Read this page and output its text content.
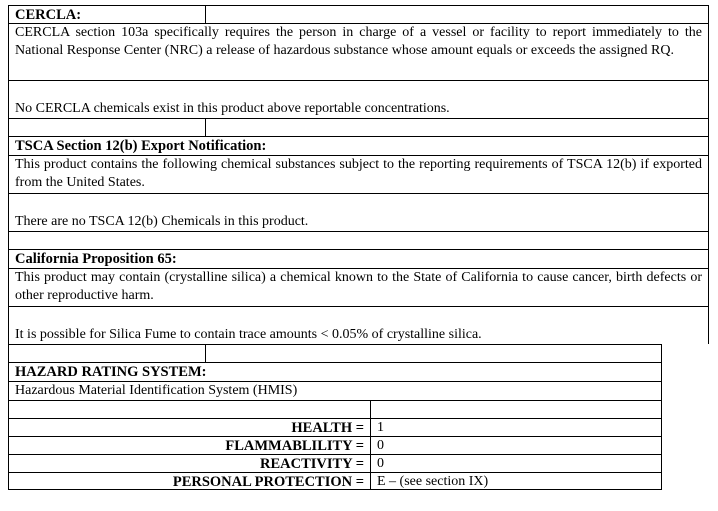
CERCLA:
CERCLA section 103a specifically requires the person in charge of a vessel or facility to report immediately to the National Response Center (NRC) a release of hazardous substance whose amount equals or exceeds the assigned RQ.
No CERCLA chemicals exist in this product above reportable concentrations.
TSCA Section 12(b) Export Notification:
This product contains the following chemical substances subject to the reporting requirements of TSCA 12(b) if exported from the United States.
There are no TSCA 12(b) Chemicals in this product.
California Proposition 65:
This product may contain (crystalline silica) a chemical known to the State of California to cause cancer, birth defects or other reproductive harm.
It is possible for Silica Fume to contain trace amounts < 0.05% of crystalline silica.
HAZARD RATING SYSTEM:
Hazardous Material Identification System (HMIS)
HEALTH = 1
FLAMMABLILITY = 0
REACTIVITY = 0
PERSONAL PROTECTION = E – (see section IX)
